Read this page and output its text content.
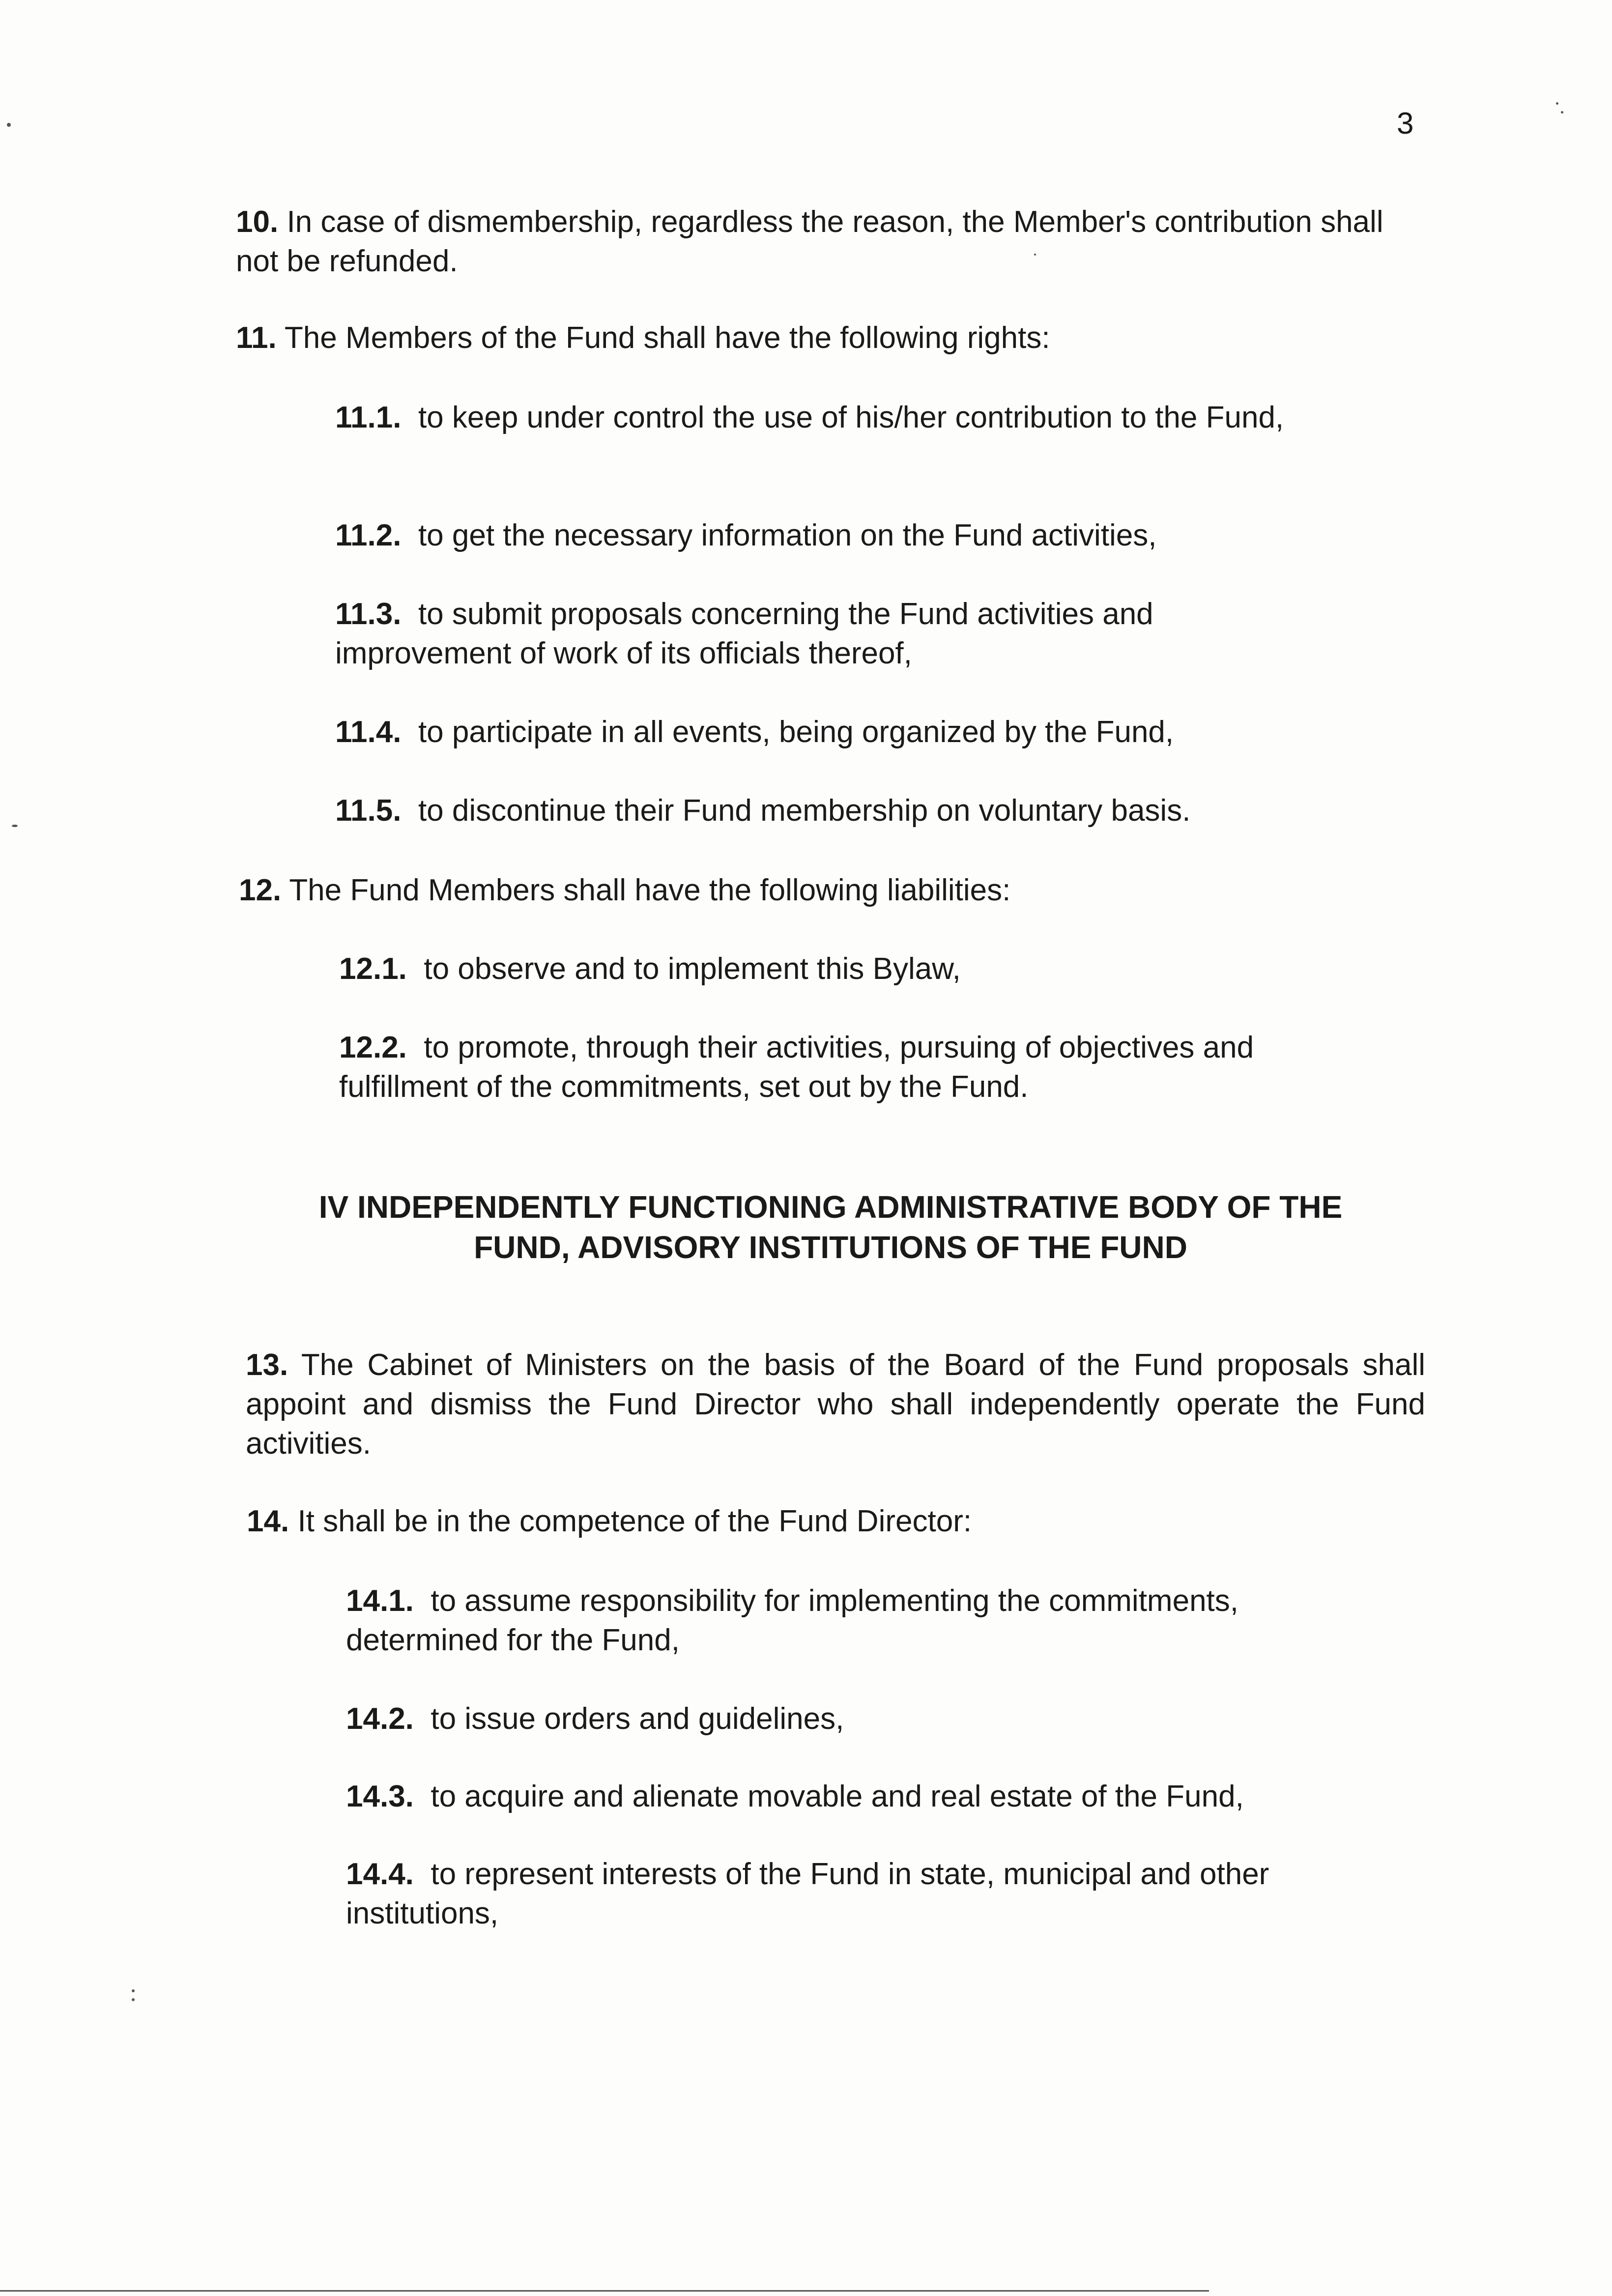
3

10. In case of dismembership, regardless the reason, the Member's contribution shall not be refunded.

11. The Members of the Fund shall have the following rights:

11.1. to keep under control the use of his/her contribution to the Fund,

11.2. to get the necessary information on the Fund activities,

11.3. to submit proposals concerning the Fund activities and improvement of work of its officials thereof,

11.4. to participate in all events, being organized by the Fund,

11.5. to discontinue their Fund membership on voluntary basis.

12. The Fund Members shall have the following liabilities:

12.1. to observe and to implement this Bylaw,

12.2. to promote, through their activities, pursuing of objectives and fulfillment of the commitments, set out by the Fund.

IV INDEPENDENTLY FUNCTIONING ADMINISTRATIVE BODY OF THE
FUND, ADVISORY INSTITUTIONS OF THE FUND

13. The Cabinet of Ministers on the basis of the Board of the Fund proposals shall appoint and dismiss the Fund Director who shall independently operate the Fund activities.

14. It shall be in the competence of the Fund Director:

14.1. to assume responsibility for implementing the commitments, determined for the Fund,

14.2. to issue orders and guidelines,

14.3. to acquire and alienate movable and real estate of the Fund,

14.4. to represent interests of the Fund in state, municipal and other institutions,
